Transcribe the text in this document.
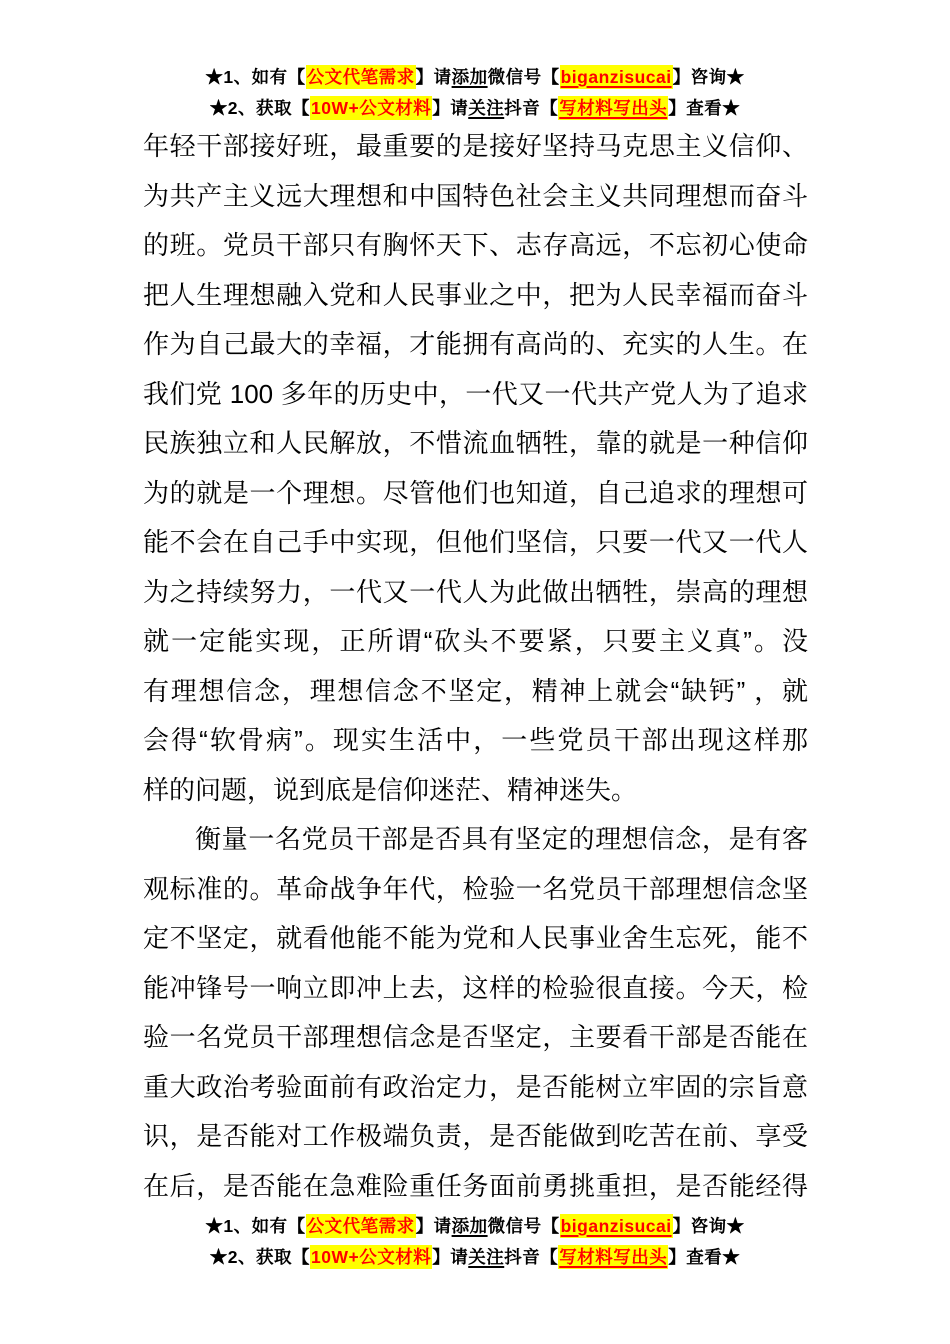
★1、如有【公文代笔需求】请添加微信号【biganzisucai】咨询★
★2、获取【10W+公文材料】请关注抖音【写材料写出头】查看★
年轻干部接好班，最重要的是接好坚持马克思主义信仰、
为共产主义远大理想和中国特色社会主义共同理想而奋斗
的班。党员干部只有胸怀天下、志存高远，不忘初心使命
把人生理想融入党和人民事业之中，把为人民幸福而奋斗
作为自己最大的幸福，才能拥有高尚的、充实的人生。在
我们党 100 多年的历史中，一代又一代共产党人为了追求
民族独立和人民解放，不惜流血牺牲，靠的就是一种信仰
为的就是一个理想。尽管他们也知道，自己追求的理想可
能不会在自己手中实现，但他们坚信，只要一代又一代人
为之持续努力，一代又一代人为此做出牺牲，崇高的理想
就一定能实现，正所谓“砍头不要紧，只要主义真”。没
有理想信念，理想信念不坚定，精神上就会“缺钙” ，就
会得“软骨病”。现实生活中，一些党员干部出现这样那
样的问题，说到底是信仰迷茫、精神迷失。
衡量一名党员干部是否具有坚定的理想信念，是有客
观标准的。革命战争年代，检验一名党员干部理想信念坚
定不坚定，就看他能不能为党和人民事业舍生忘死，能不
能冲锋号一响立即冲上去，这样的检验很直接。今天，检
验一名党员干部理想信念是否坚定，主要看干部是否能在
重大政治考验面前有政治定力，是否能树立牢固的宗旨意
识，是否能对工作极端负责，是否能做到吃苦在前、享受
在后，是否能在急难险重任务面前勇挑重担，是否能经得
★1、如有【公文代笔需求】请添加微信号【biganzisucai】咨询★
★2、获取【10W+公文材料】请关注抖音【写材料写出头】查看★
